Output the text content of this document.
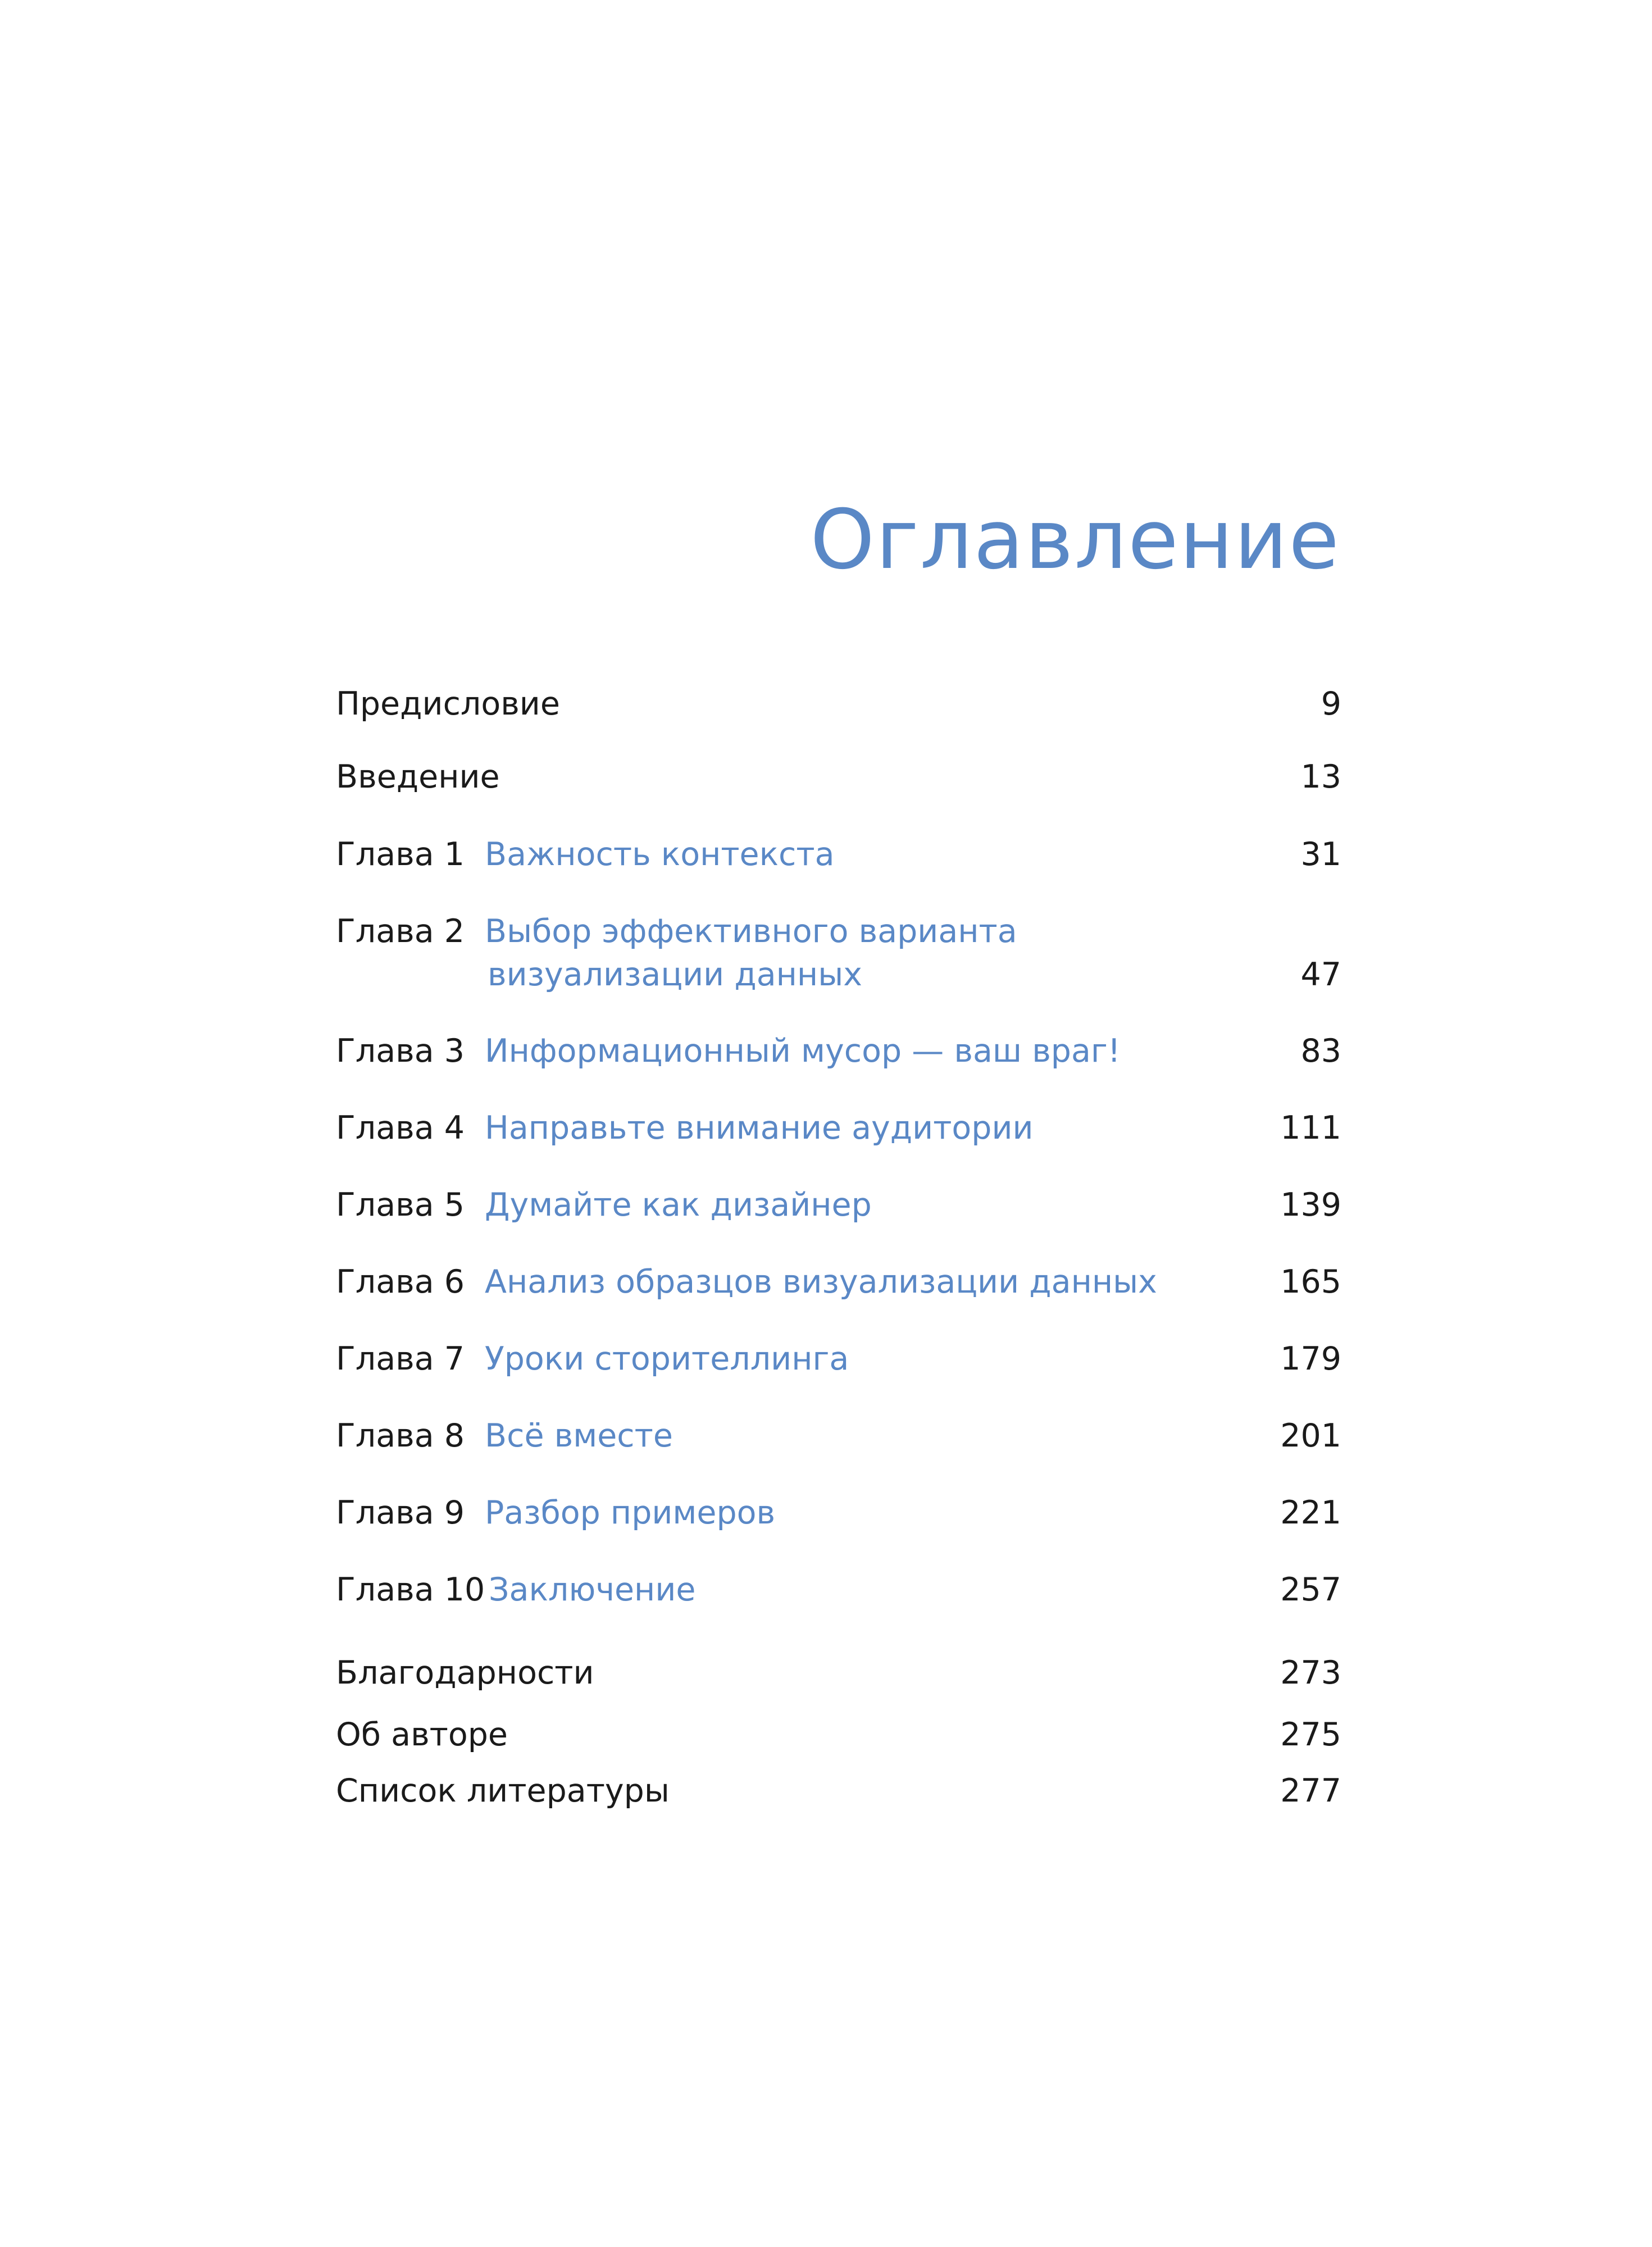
Оглавление
Предисловие	9
Введение	13
Глава 1 Важность контекста	31
Глава 2 Выбор эффективного варианта
визуализации данных	47
Глава 3 Информационный мусор — ваш враг!	83
Глава 4 Направьте внимание аудитории	111
Глава 5 Думайте как дизайнер	139
Глава 6 Анализ образцов визуализации данных	165
Глава 7 Уроки сторителлинга	179
Глава 8 Всё вместе	201
Глава 9 Разбор примеров	221
Глава 10 Заключение	257
Благодарности	273
Об авторе	275
Список литературы	277
